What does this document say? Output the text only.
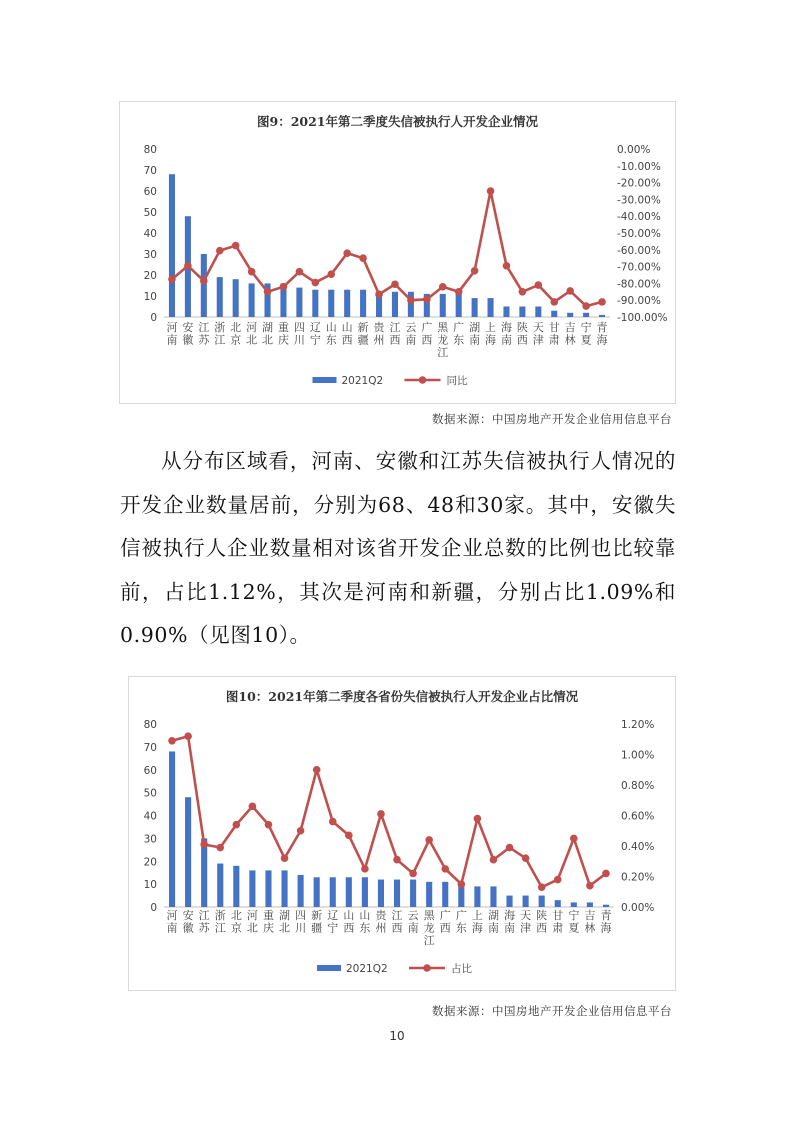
图9：2021年第二季度失信被执行人开发企业情况
0
10
20
30
40
50
60
70
80	0.00%
-10.00%
-20.00%
-30.00%
-40.00%
-50.00%
-60.00%
-70.00%
-80.00%
-90.00%
-100.00%
河南
安徽
江苏
浙江
北京
河北
湖北
重庆
四川
辽宁
山东
山西
新疆
贵州
江西
云南
广西
黑龙江
广东
湖南
上海
海南
陕西
天津
甘肃
吉林
宁夏
青海
2021Q2	同比
数据来源：中国房地产开发企业信用信息平台
从分布区域看，河南、安徽和江苏失信被执行人情况的开发企业数量居前，分别为68、48和30家。其中，安徽失信被执行人企业数量相对该省开发企业总数的比例也比较靠前，占比1.12%，其次是河南和新疆，分别占比1.09%和0.90%（见图10）。
图10：2021年第二季度各省份失信被执行人开发企业占比情况
0
10
20
30
40
50
60
70
80
0.00%
0.20%
0.40%
0.60%
0.80%
1.00%
1.20%
河南
安徽
江苏
浙江
北京
河北
重庆
湖北
四川
新疆
辽宁
山西
山东
贵州
江西
云南
黑龙江
广西
广东
上海
湖南
海南
天津
陕西
甘肃
宁夏
吉林
青海
2021Q2	占比
数据来源：中国房地产开发企业信用信息平台
10
